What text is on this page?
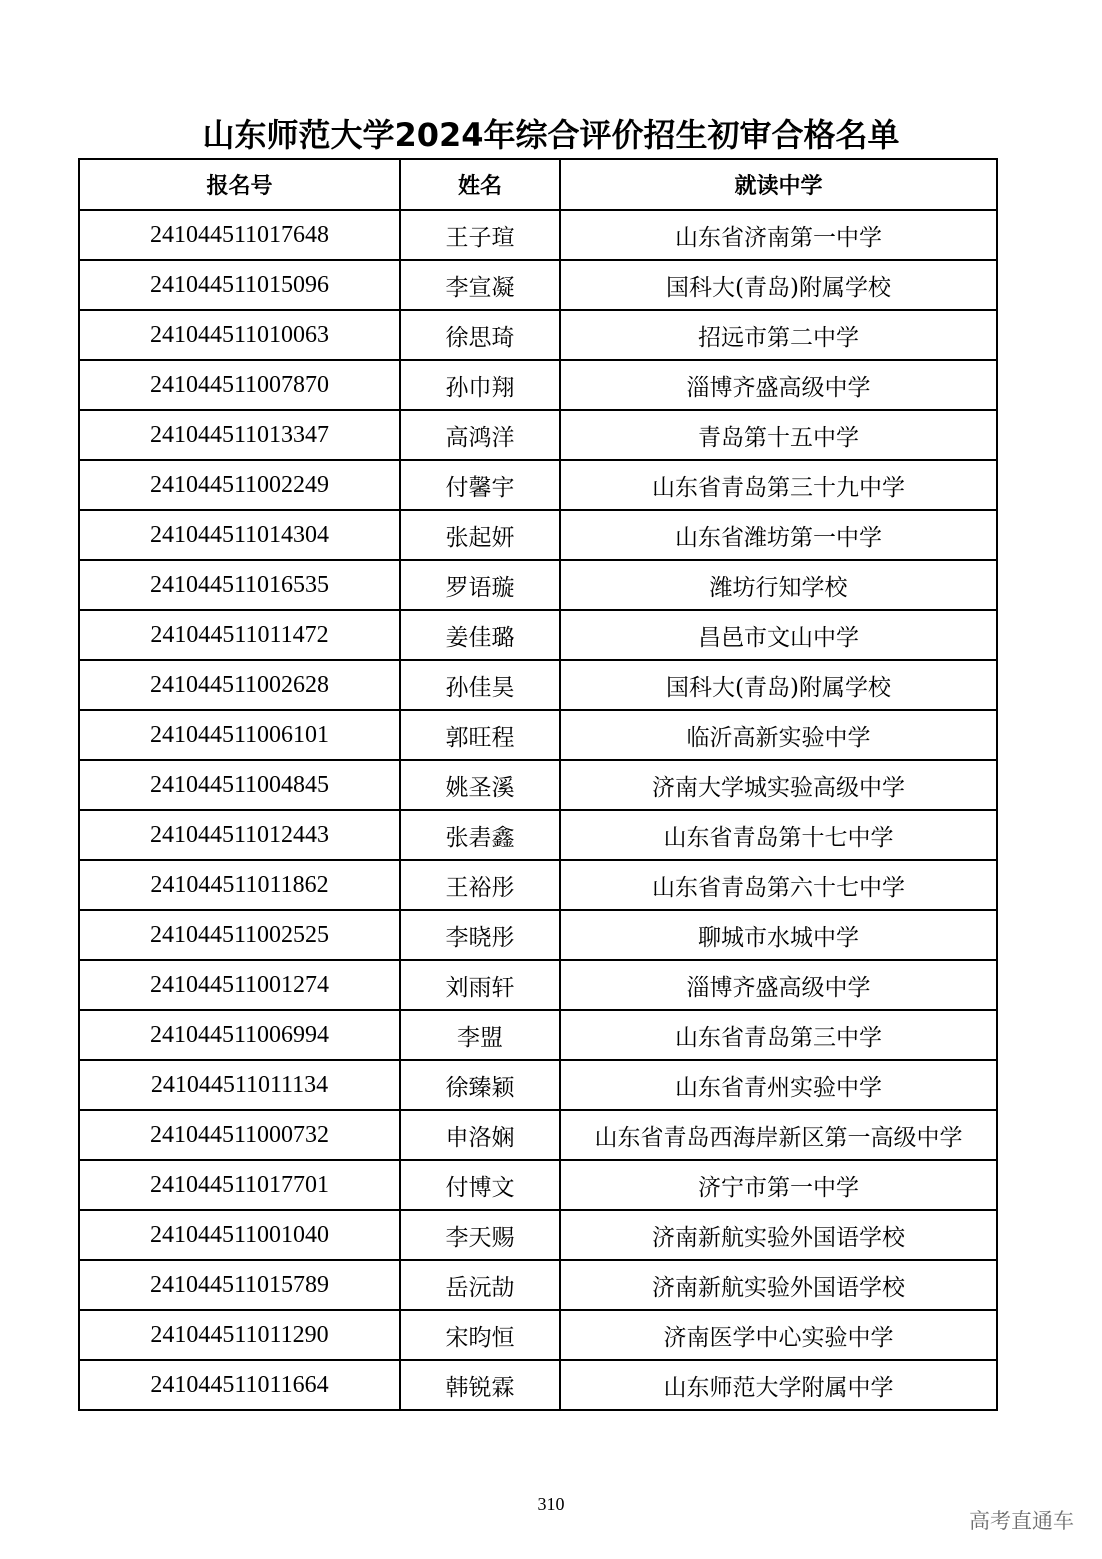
山东师范大学2024年综合评价招生初审合格名单
报名号	姓名	就读中学
241044511017648	王子瑄	山东省济南第一中学
241044511015096	李宣凝	国科大(青岛)附属学校
241044511010063	徐思琦	招远市第二中学
241044511007870	孙巾翔	淄博齐盛高级中学
241044511013347	高鸿洋	青岛第十五中学
241044511002249	付馨宇	山东省青岛第三十九中学
241044511014304	张起妍	山东省潍坊第一中学
241044511016535	罗语璇	潍坊行知学校
241044511011472	姜佳璐	昌邑市文山中学
241044511002628	孙佳昊	国科大(青岛)附属学校
241044511006101	郭旺程	临沂高新实验中学
241044511004845	姚圣溪	济南大学城实验高级中学
241044511012443	张砉鑫	山东省青岛第十七中学
241044511011862	王裕彤	山东省青岛第六十七中学
241044511002525	李晓彤	聊城市水城中学
241044511001274	刘雨轩	淄博齐盛高级中学
241044511006994	李盟	山东省青岛第三中学
241044511011134	徐臻颖	山东省青州实验中学
241044511000732	申洛娴	山东省青岛西海岸新区第一高级中学
241044511017701	付博文	济宁市第一中学
241044511001040	李天赐	济南新航实验外国语学校
241044511015789	岳沅劼	济南新航实验外国语学校
241044511011290	宋昀恒	济南医学中心实验中学
241044511011664	韩锐霖	山东师范大学附属中学
310
高考直通车
